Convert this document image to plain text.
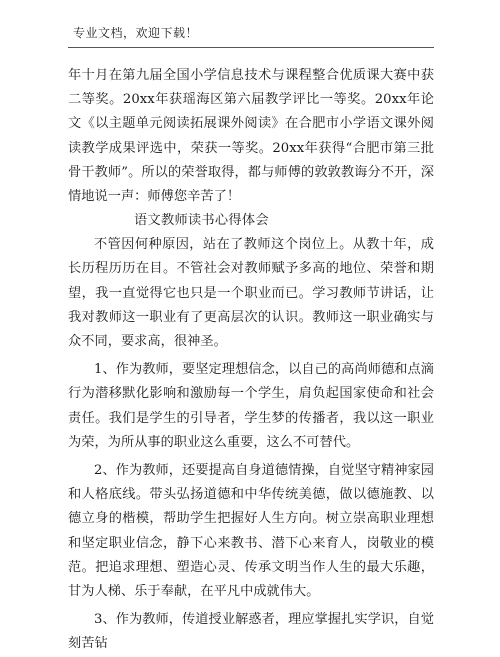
专业文档，欢迎下载！

年十月在第九届全国小学信息技术与课程整合优质课大赛中获二等奖。20xx年获瑶海区第六届教学评比一等奖。20xx年论文《以主题单元阅读拓展课外阅读》在合肥市小学语文课外阅读教学成果评选中，荣获一等奖。20xx年获得“合肥市第三批骨干教师”。所以的荣誉取得，都与师傅的敦敦教诲分不开，深情地说一声：师傅您辛苦了！

语文教师读书心得体会

不管因何种原因，站在了教师这个岗位上。从教十年，成长历程历历在目。不管社会对教师赋予多高的地位、荣誉和期望，我一直觉得它也只是一个职业而已。学习教师节讲话，让我对教师这一职业有了更高层次的认识。教师这一职业确实与众不同，要求高，很神圣。

1、作为教师，要坚定理想信念，以自己的高尚师德和点滴行为潜移默化影响和激励每一个学生，肩负起国家使命和社会责任。我们是学生的引导者，学生梦的传播者，我以这一职业为荣，为所从事的职业这么重要，这么不可替代。

2、作为教师，还要提高自身道德情操，自觉坚守精神家园和人格底线。带头弘扬道德和中华传统美德，做以德施教、以德立身的楷模，帮助学生把握好人生方向。树立崇高职业理想和坚定职业信念，静下心来教书、潜下心来育人，岗敬业的模范。把追求理想、塑造心灵、传承文明当作人生的最大乐趣，甘为人梯、乐于奉献，在平凡中成就伟大。

3、作为教师，传道授业解惑者，理应掌握扎实学识，自觉刻苦钻
